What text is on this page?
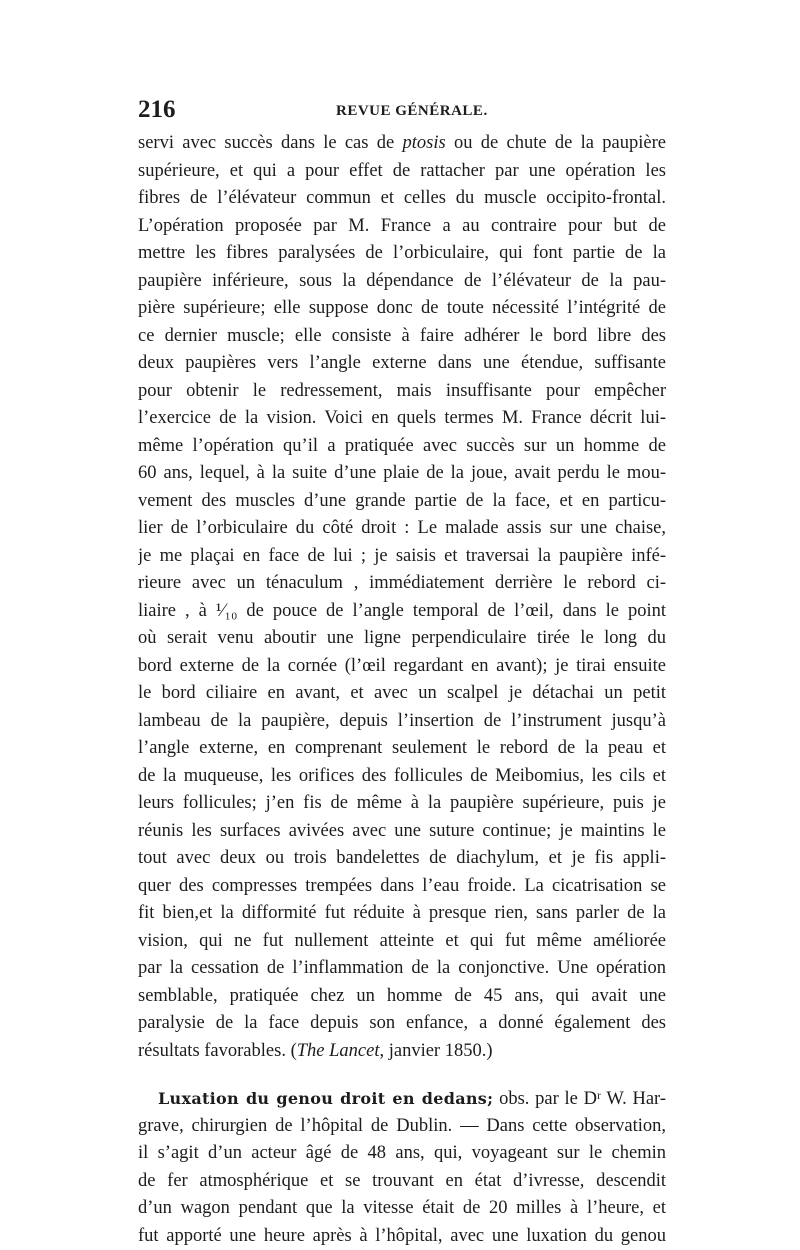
216	REVUE GÉNÉRALE.
servi avec succès dans le cas de ptosis ou de chute de la paupière
supérieure, et qui a pour effet de rattacher par une opération les
fibres de l’élévateur commun et celles du muscle occipito-frontal.
L’opération proposée par M. France a au contraire pour but de
mettre les fibres paralysées de l’orbiculaire, qui font partie de la
paupière inférieure, sous la dépendance de l’élévateur de la pau-
pière supérieure; elle suppose donc de toute nécessité l’intégrité de
ce dernier muscle; elle consiste à faire adhérer le bord libre des
deux paupières vers l’angle externe dans une étendue, suffisante
pour obtenir le redressement, mais insuffisante pour empêcher
l’exercice de la vision. Voici en quels termes M. France décrit lui-
même l’opération qu’il a pratiquée avec succès sur un homme de
60 ans, lequel, à la suite d’une plaie de la joue, avait perdu le mou-
vement des muscles d’une grande partie de la face, et en particu-
lier de l’orbiculaire du côté droit : Le malade assis sur une chaise,
je me plaçai en face de lui ; je saisis et traversai la paupière infé-
rieure avec un ténaculum , immédiatement derrière le rebord ci-
liaire , à ¹⁄₁₀ de pouce de l’angle temporal de l’œil, dans le point
où serait venu aboutir une ligne perpendiculaire tirée le long du
bord externe de la cornée (l’œil regardant en avant); je tirai ensuite
le bord ciliaire en avant, et avec un scalpel je détachai un petit
lambeau de la paupière, depuis l’insertion de l’instrument jusqu’à
l’angle externe, en comprenant seulement le rebord de la peau et
de la muqueuse, les orifices des follicules de Meibomius, les cils et
leurs follicules; j’en fis de même à la paupière supérieure, puis je
réunis les surfaces avivées avec une suture continue; je maintins le
tout avec deux ou trois bandelettes de diachylum, et je fis appli-
quer des compresses trempées dans l’eau froide. La cicatrisation se
fit bien,et la difformité fut réduite à presque rien, sans parler de la
vision, qui ne fut nullement atteinte et qui fut même améliorée
par la cessation de l’inflammation de la conjonctive. Une opération
semblable, pratiquée chez un homme de 45 ans, qui avait une
paralysie de la face depuis son enfance, a donné également des
résultats favorables. (The Lancet, janvier 1850.)
Luxation du genou droit en dedans; obs. par le Dʳ W. Har-
grave, chirurgien de l’hôpital de Dublin. — Dans cette observation,
il s’agit d’un acteur âgé de 48 ans, qui, voyageant sur le chemin
de fer atmosphérique et se trouvant en état d’ivresse, descendit
d’un wagon pendant que la vitesse était de 20 milles à l’heure, et
fut apporté une heure après à l’hôpital, avec une luxation du genou
